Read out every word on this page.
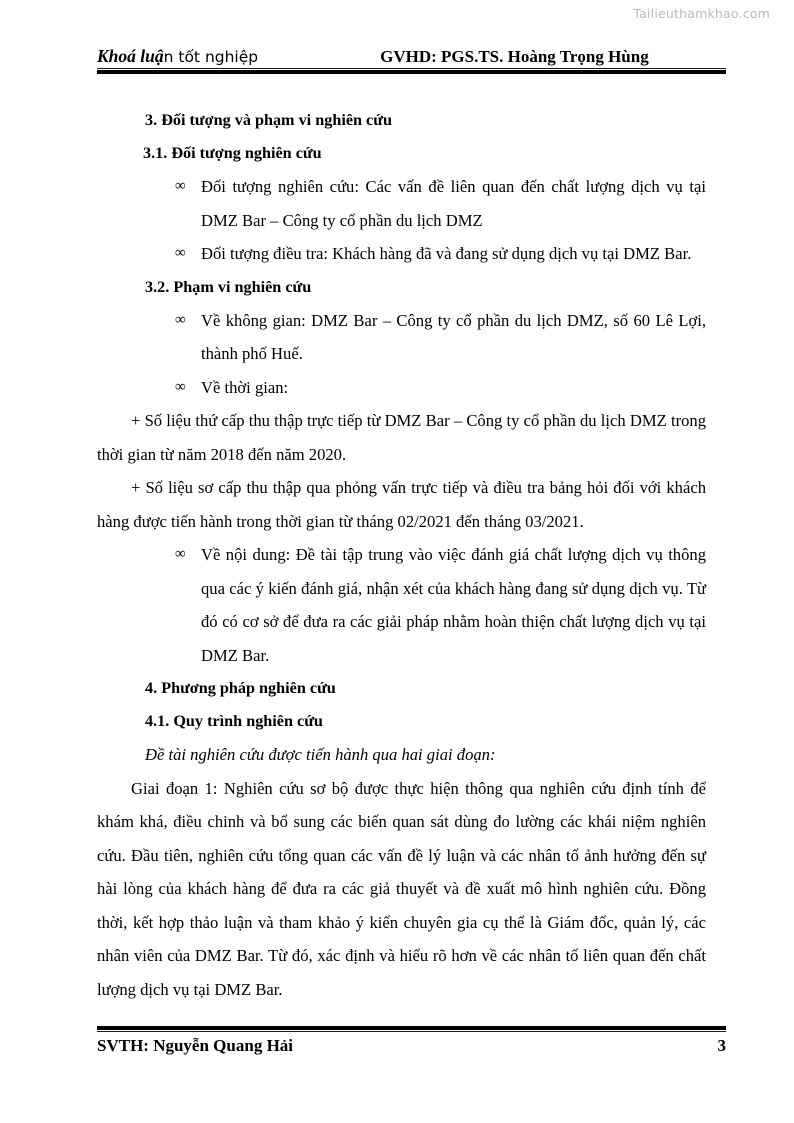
Tailieuthamkhao.com
Khoá luận tốt nghiệp	GVHD: PGS.TS. Hoàng Trọng Hùng
3. Đối tượng và phạm vi nghiên cứu
3.1. Đối tượng nghiên cứu
∞ Đối tượng nghiên cứu: Các vấn đề liên quan đến chất lượng dịch vụ tại DMZ Bar – Công ty cổ phần du lịch DMZ
∞ Đối tượng điều tra: Khách hàng đã và đang sử dụng dịch vụ tại DMZ Bar.
3.2. Phạm vi nghiên cứu
∞ Về không gian: DMZ Bar – Công ty cổ phần du lịch DMZ, số 60 Lê Lợi, thành phố Huế.
∞ Về thời gian:
+ Số liệu thứ cấp thu thập trực tiếp từ DMZ Bar – Công ty cổ phần du lịch DMZ trong thời gian từ năm 2018 đến năm 2020.
+ Số liệu sơ cấp thu thập qua phỏng vấn trực tiếp và điều tra bảng hỏi đối với khách hàng được tiến hành trong thời gian từ tháng 02/2021 đến tháng 03/2021.
∞ Về nội dung: Đề tài tập trung vào việc đánh giá chất lượng dịch vụ thông qua các ý kiến đánh giá, nhận xét của khách hàng đang sử dụng dịch vụ. Từ đó có cơ sở để đưa ra các giải pháp nhằm hoàn thiện chất lượng dịch vụ tại DMZ Bar.
4. Phương pháp nghiên cứu
4.1. Quy trình nghiên cứu
Đề tài nghiên cứu được tiến hành qua hai giai đoạn:
Giai đoạn 1: Nghiên cứu sơ bộ được thực hiện thông qua nghiên cứu định tính để khám khá, điều chinh và bổ sung các biến quan sát dùng đo lường các khái niệm nghiên cứu. Đầu tiên, nghiên cứu tổng quan các vấn đề lý luận và các nhân tố ảnh hưởng đến sự hài lòng của khách hàng để đưa ra các giả thuyết và đề xuất mô hình nghiên cứu. Đồng thời, kết hợp thảo luận và tham khảo ý kiến chuyên gia cụ thể là Giám đốc, quản lý, các nhân viên của DMZ Bar. Từ đó, xác định và hiểu rõ hơn về các nhân tố liên quan đến chất lượng dịch vụ tại DMZ Bar.
SVTH: Nguyễn Quang Hải	3
